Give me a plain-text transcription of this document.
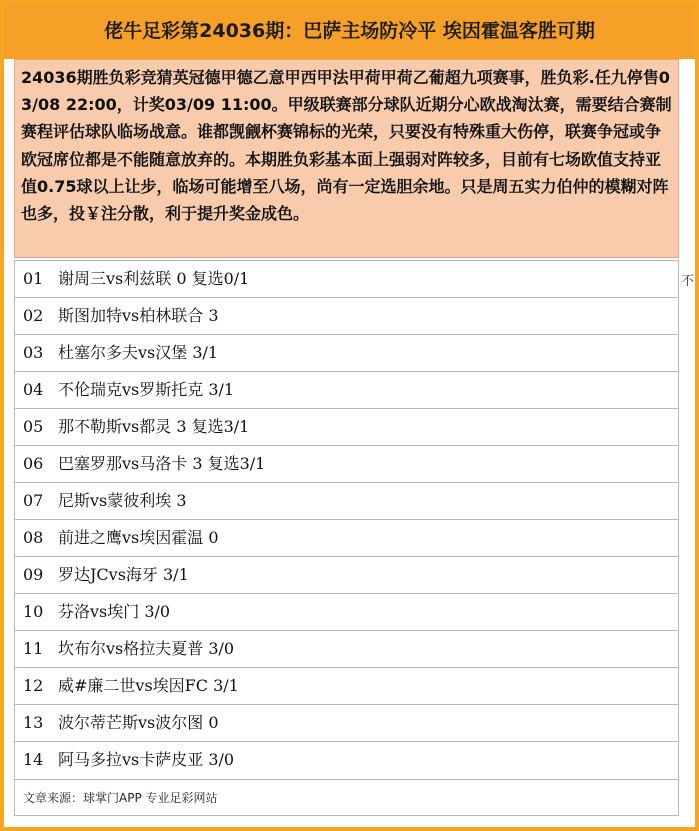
佬牛足彩第24036期：巴萨主场防冷平 埃因霍温客胜可期
24036期胜负彩竞猜英冠德甲德乙意甲西甲法甲荷甲荷乙葡超九项赛事，胜负彩.任九停售03/08 22:00，计奖03/09 11:00。甲级联赛部分球队近期分心欧战淘汰赛，需要结合赛制赛程评估球队临场战意。谁都觊觎杯赛锦标的光荣，只要没有特殊重大伤停，联赛争冠或争欧冠席位都是不能随意放弃的。本期胜负彩基本面上强弱对阵较多，目前有七场欧值支持亚值0.75球以上让步，临场可能增至八场，尚有一定选胆余地。只是周五实力伯仲的模糊对阵也多，投￥注分散，利于提升奖金成色。
不
01 谢周三vs利兹联 0 复选0/1
02 斯图加特vs柏林联合 3
03 杜塞尔多夫vs汉堡 3/1
04 不伦瑞克vs罗斯托克 3/1
05 那不勒斯vs都灵 3 复选3/1
06 巴塞罗那vs马洛卡 3 复选3/1
07 尼斯vs蒙彼利埃 3
08 前进之鹰vs埃因霍温 0
09 罗达JCvs海牙 3/1
10 芬洛vs埃门 3/0
11 坎布尔vs格拉夫夏普 3/0
12 威#廉二世vs埃因FC 3/1
13 波尔蒂芒斯vs波尔图 0
14 阿马多拉vs卡萨皮亚 3/0
文章来源：球掌门APP 专业足彩网站
